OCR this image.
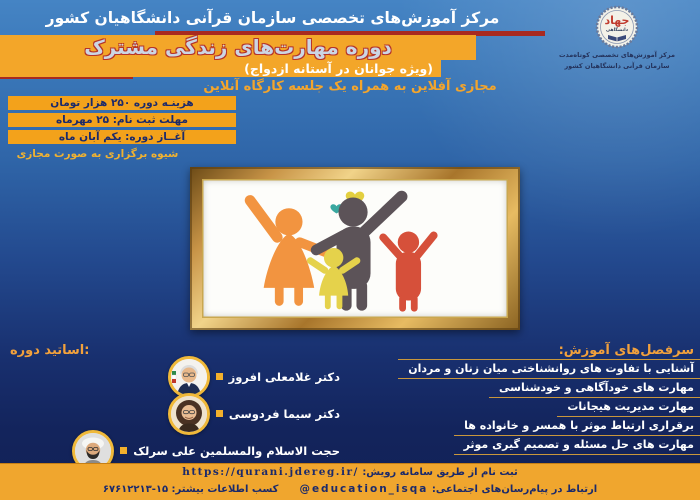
مرکز آموزش‌های تخصصی سازمان قرآنی دانشگاهیان کشور
دوره مهارت‌های زندگی مشترک
(ویژه جوانان در آستانه ازدواج)
مجازی آفلاین به همراه یک جلسه کارگاه آنلاین
جهاد
دانشگاهی
مرکز آموزش‌های تخصصی کوتاه‌مدت
سازمان قرآنی دانشگاهیان کشور
هزینـه دوره ۲۵۰ هزار تومان
مهلت ثبت نام: ۲۵ مهرماه
آغــاز دوره: یکم آبان ماه
شیوه برگزاری به صورت مجازی
سرفصل‌های آموزش:
آشنایی با تفاوت های روانشناختی میان زنان و مردان
مهارت های خودآگاهی و خودشناسی
مهارت مدیریت هیجانات
برقراری ارتباط موثر با همسر و خانواده ها
مهارت های حل مسئله و تصمیم گیری موثر
اساتید دوره:
دکتر غلامعلی افروز
دکتر سیما فردوسی
حجت الاسلام والمسلمین علی سرلک
ثبت نام از طریق سامانه رویش: https://qurani.jdereg.ir/
ارتباط در پیام‌رسان‌های اجتماعی: @education_isqa  کسب اطلاعات بیشتر: ۶۷۶۱۲۲۱۳-۱۵
